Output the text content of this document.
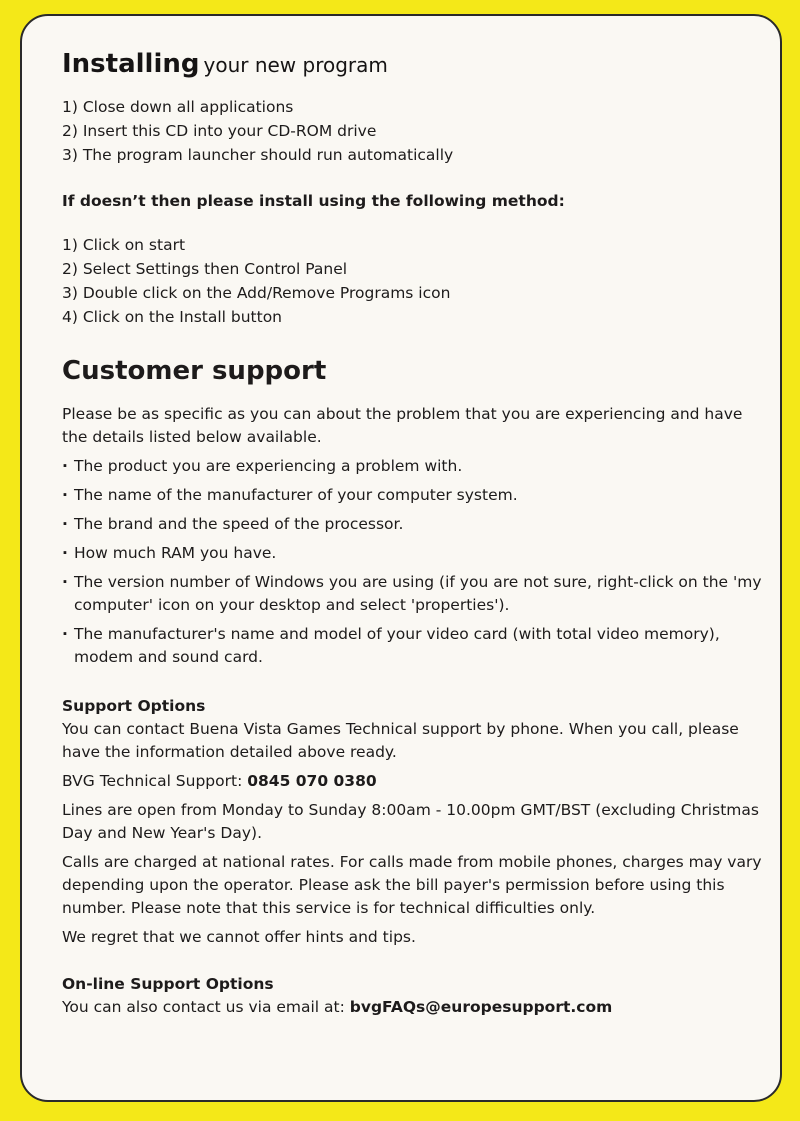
Installing your new program
1) Close down all applications
2) Insert this CD into your CD-ROM drive
3) The program launcher should run automatically
If doesn’t then please install using the following method:
1) Click on start
2) Select Settings then Control Panel
3) Double click on the Add/Remove Programs icon
4) Click on the Install button
Customer support

Please be as specific as you can about the problem that you are experiencing and have the details listed below available.

· The product you are experiencing a problem with.
· The name of the manufacturer of your computer system.
· The brand and the speed of the processor.
· How much RAM you have.
· The version number of Windows you are using (if you are not sure, right-click on the 'my computer' icon on your desktop and select 'properties').
· The manufacturer's name and model of your video card (with total video memory), modem and sound card.
Support Options

You can contact Buena Vista Games Technical support by phone. When you call, please have the information detailed above ready.

BVG Technical Support: 0845 070 0380

Lines are open from Monday to Sunday 8:00am - 10.00pm GMT/BST (excluding Christmas Day and New Year's Day).

Calls are charged at national rates. For calls made from mobile phones, charges may vary depending upon the operator. Please ask the bill payer's permission before using this number. Please note that this service is for technical difficulties only.

We regret that we cannot offer hints and tips.

On-line Support Options

You can also contact us via email at: bvgFAQs@europesupport.com
